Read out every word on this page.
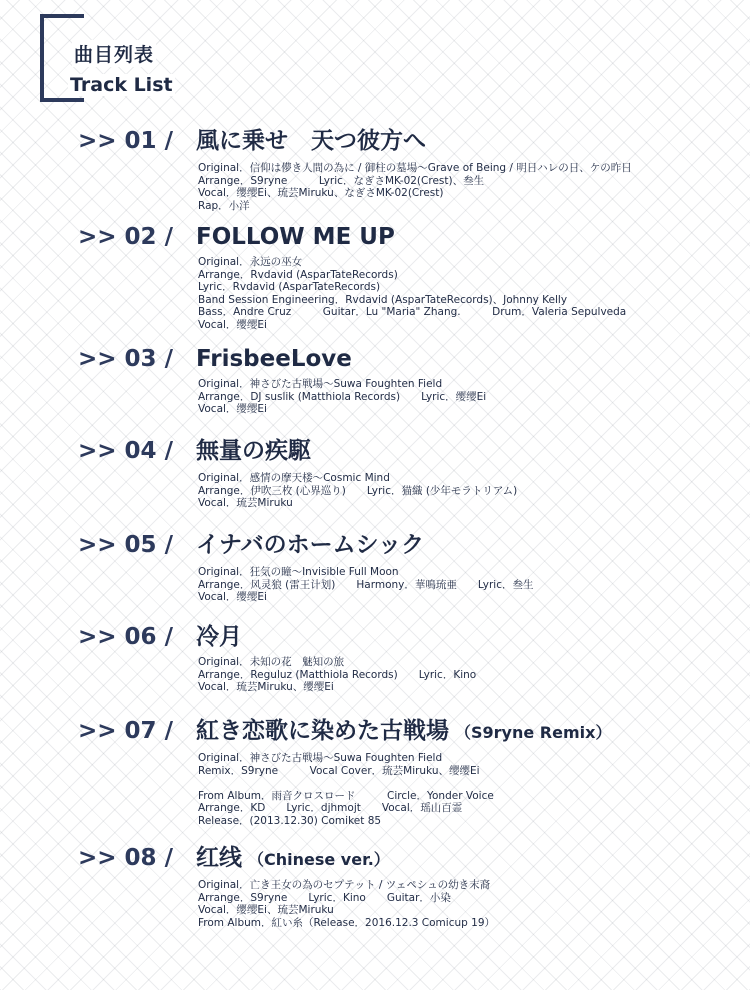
曲目列表
Track List
>> 01 / 風に乗せ　天つ彼方へ
Original．信仰は儚き人間の為に / 御柱の墓場～Grave of Being / 明日ハレの日、ケの昨日
Arrange．S9ryne　　　Lyric．なぎさMK-02(Crest)、叁生
Vocal．缨缨Ei、琉芸Miruku、なぎさMK-02(Crest)
Rap．小洋
>> 02 / FOLLOW ME UP
Original．永远の巫女
Arrange．Rvdavid (AsparTateRecords)
Lyric．Rvdavid (AsparTateRecords)
Band Session Engineering．Rvdavid (AsparTateRecords)、Johnny Kelly
Bass．Andre Cruz　　　Guitar．Lu "Maria" Zhang.　　　Drum．Valeria Sepulveda
Vocal．缨缨Ei
>> 03 / FrisbeeLove
Original．神さびた古戦場～Suwa Foughten Field
Arrange．DJ suslik (Matthiola Records)　　Lyric．缨缨Ei
Vocal．缨缨Ei
>> 04 / 無量の疾駆
Original．感情の摩天楼～Cosmic Mind
Arrange．伊吹三枚 (心界巡り)　　Lyric．猫織 (少年モラトリアム)
Vocal．琉芸Miruku
>> 05 / イナバのホームシック
Original．狂気の瞳～Invisible Full Moon
Arrange．风灵狼 (雷王计划)　　Harmony．華鳴琉亜　　Lyric．叁生
Vocal．缨缨Ei
>> 06 / 冷月
Original．未知の花　魅知の旅
Arrange．Reguluz (Matthiola Records)　　Lyric．Kino
Vocal．琉芸Miruku、缨缨Ei
>> 07 / 紅き恋歌に染めた古戦場 （S9ryne Remix）
Original．神さびた古戦場～Suwa Foughten Field
Remix．S9ryne　　　Vocal Cover．琉芸Miruku、缨缨Ei
From Album．雨音クロスロード　　　Circle．Yonder Voice
Arrange．KD　　Lyric．djhmojt　　Vocal．瑶山百霊
Release．(2013.12.30) Comiket 85
>> 08 / 红线 （Chinese ver.）
Original．亡き王女の為のセプテット / ツェペシュの幼き末裔
Arrange．S9ryne　　Lyric．Kino　　Guitar．小染
Vocal．缨缨Ei、琉芸Miruku
From Album．紅い糸（Release．2016.12.3 Comicup 19）
